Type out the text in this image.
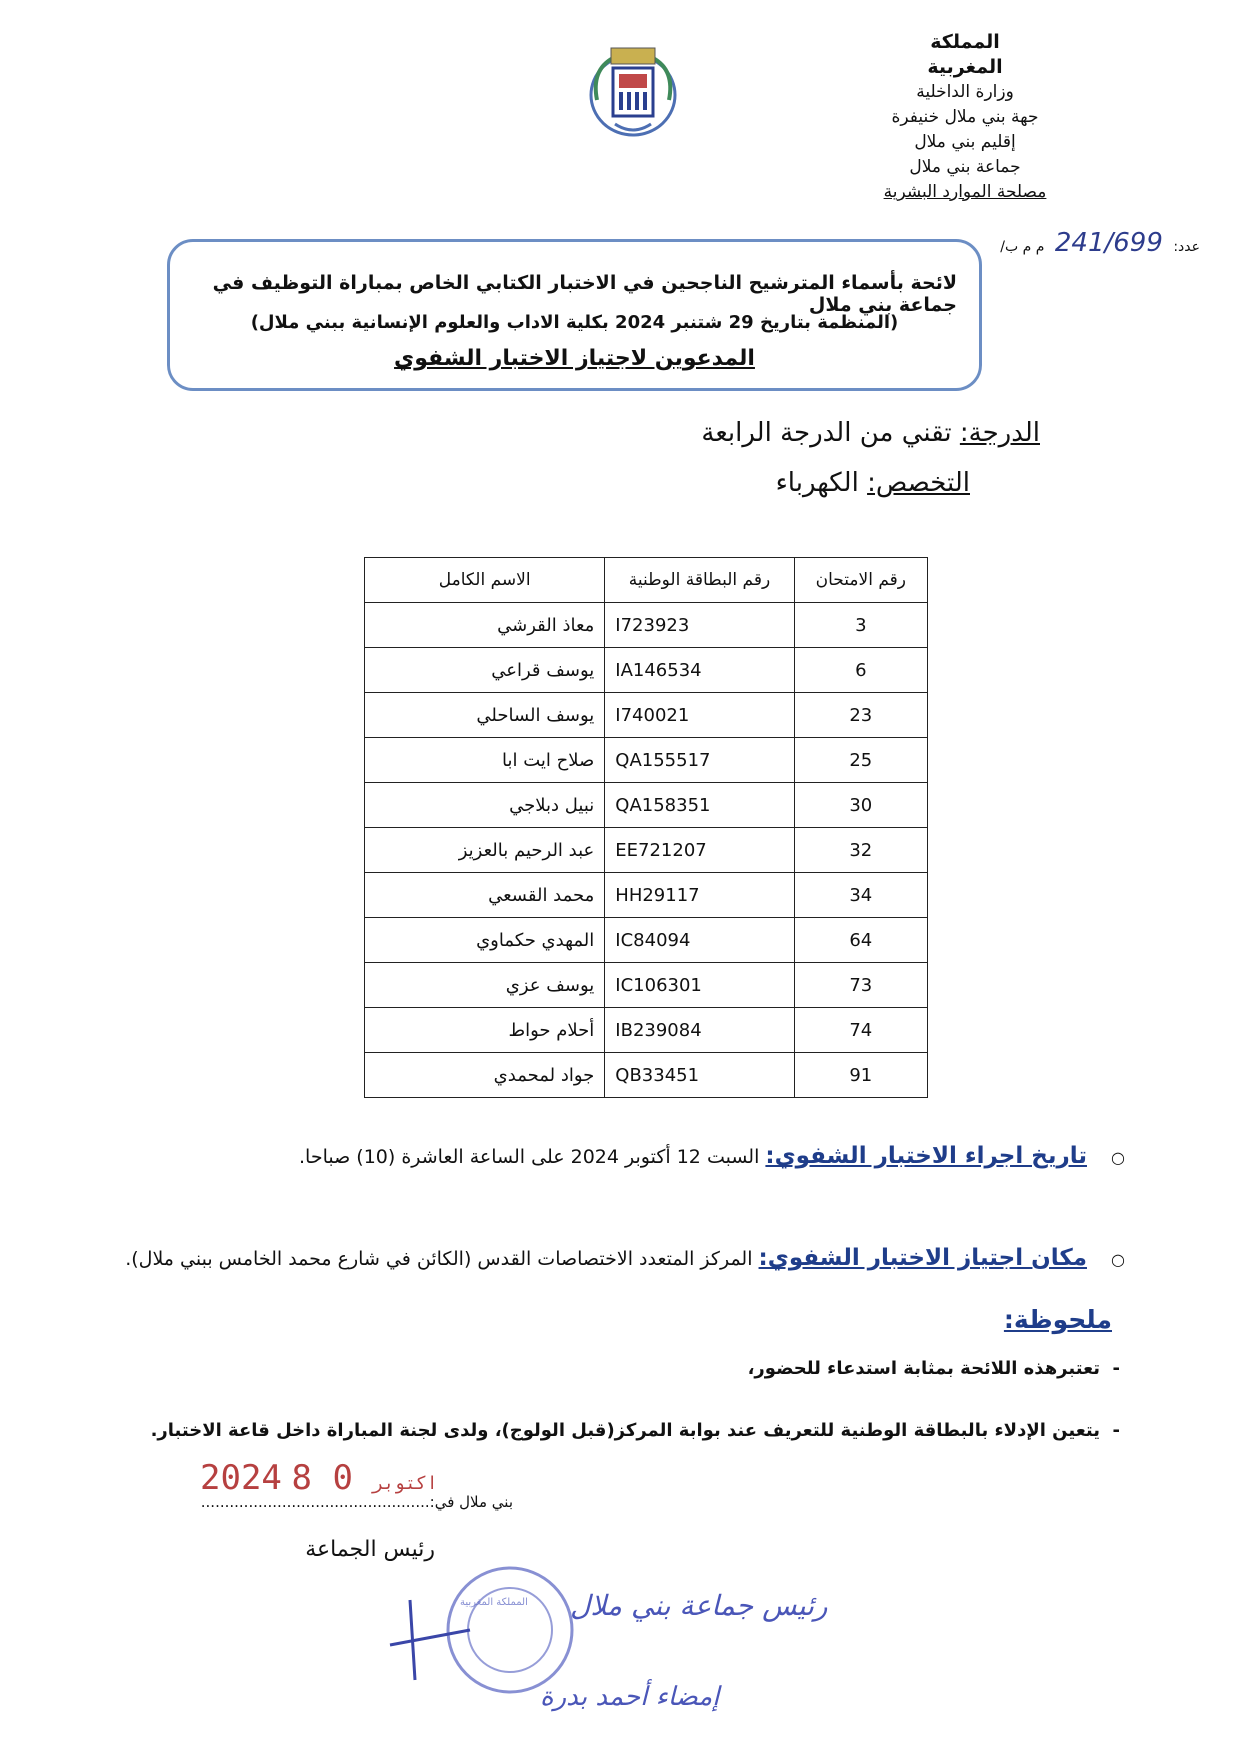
المملكة
المغربية
وزارة الداخلية
جهة بني ملال خنيفرة
إقليم بني ملال
جماعة بني ملال
مصلحة الموارد البشرية
عدد: 241/699 م م ب/
لائحة بأسماء المترشيح الناجحين في الاختبار الكتابي الخاص بمباراة التوظيف في جماعة بني ملال
(المنظمة بتاريخ 29 شتنبر 2024 بكلية الاداب والعلوم الإنسانية ببني ملال)
المدعوين لاجتياز الاختبار الشفوي
الدرجة: تقني من الدرجة الرابعة
التخصص: الكهرباء
رقم الامتحان	رقم البطاقة الوطنية	الاسم الكامل
3	I723923	معاذ القرشي
6	IA146534	يوسف قراعي
23	I740021	يوسف الساحلي
25	QA155517	صلاح ايت ابا
30	QA158351	نبيل دبلاجي
32	EE721207	عبد الرحيم بالعزيز
34	HH29117	محمد القسعي
64	IC84094	المهدي حكماوي
73	IC106301	يوسف عزي
74	IB239084	أحلام حواط
91	QB33451	جواد لمحمدي
○ تاريخ اجراء الاختبار الشفوي: السبت 12 أكتوبر 2024 على الساعة العاشرة (10) صباحا.
○ مكان اجتياز الاختبار الشفوي: المركز المتعدد الاختصاصات القدس (الكائن في شارع محمد الخامس ببني ملال).
ملحوظة:
-  تعتبرهذه اللائحة بمثابة استدعاء للحضور،
-  يتعين الإدلاء بالبطاقة الوطنية للتعريف عند بوابة المركز(قبل الولوج)، ولدى لجنة المباراة داخل قاعة الاختبار.
2024	اكتوبر 0 8
بني ملال في:................................................
رئيس الجماعة
المملكة المغربية رئيس جماعة بني ملال
إمضاء أحمد بدرة
